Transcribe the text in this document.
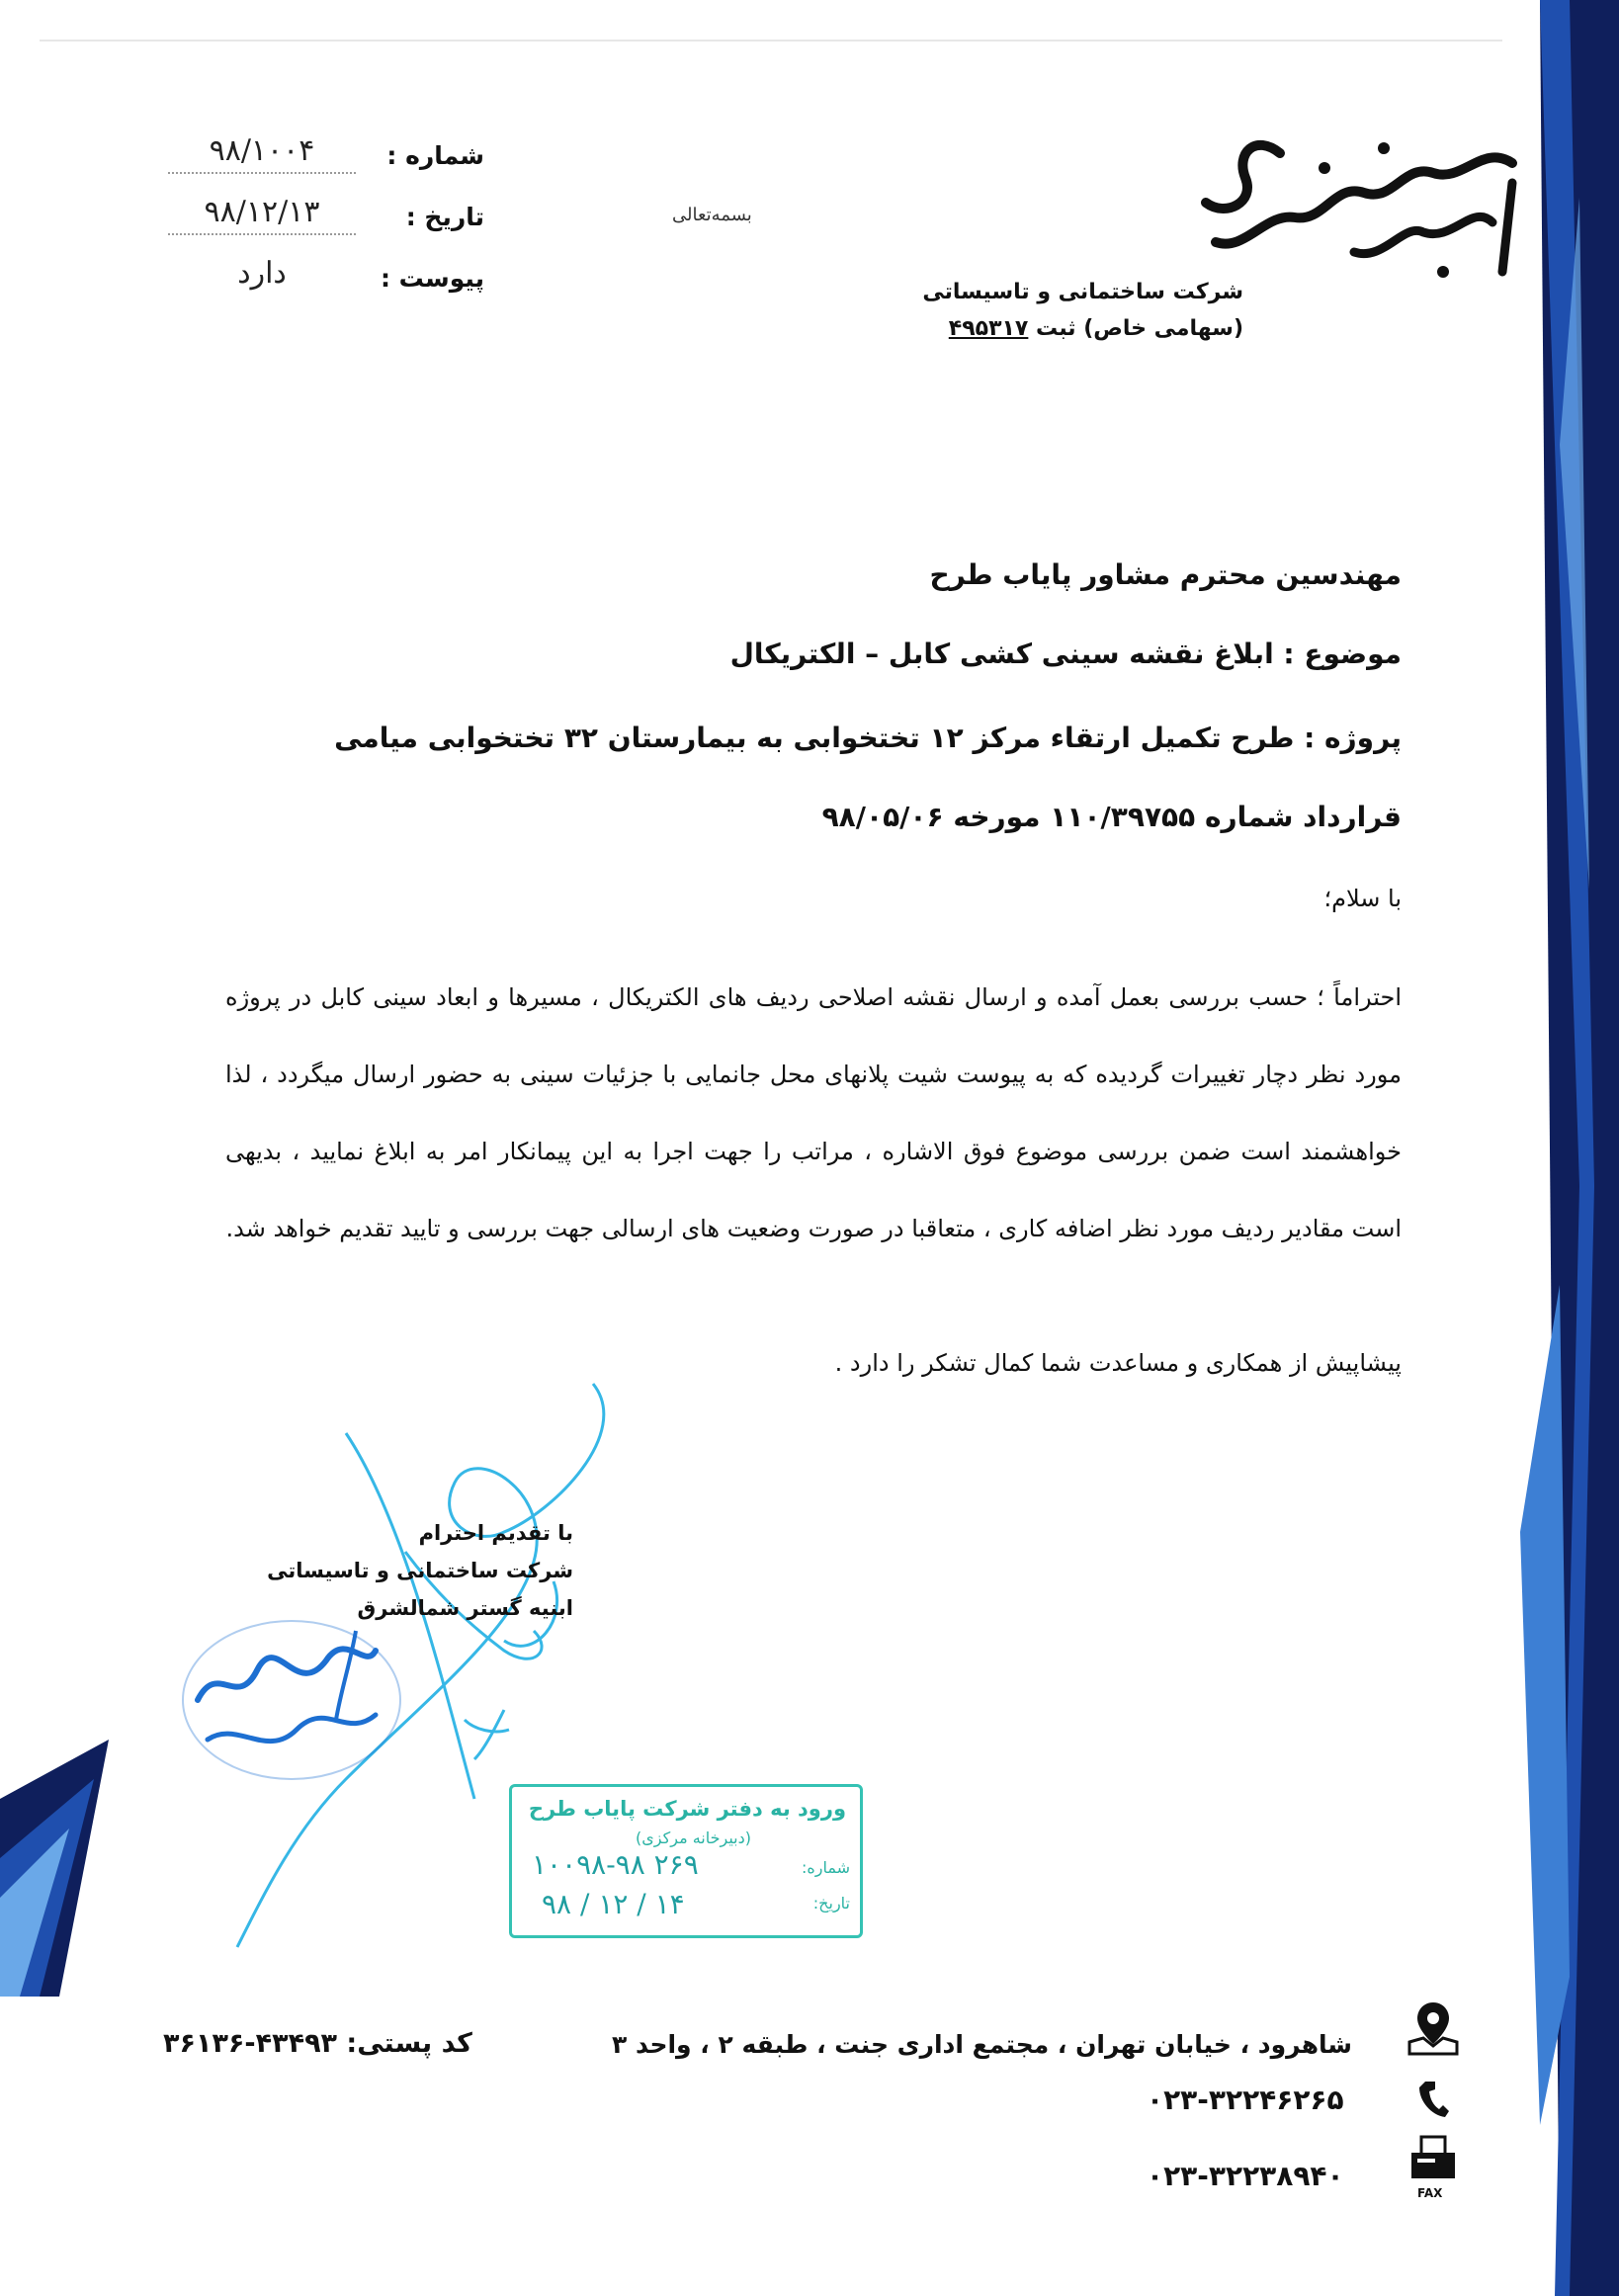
۹۸/۱۰۰۴	شماره :
۹۸/۱۲/۱۳	تاریخ :
دارد	پیوست :
بسمه‌تعالی
شرکت ساختمانی و تاسیساتی
(سهامی خاص) ثبت ۴۹۵۳۱۷
مهندسین محترم مشاور پایاب طرح
موضوع : ابلاغ نقشه سینی کشی کابل – الکتریکال
پروژه : طرح تکمیل ارتقاء مرکز ۱۲ تختخوابی به بیمارستان ۳۲ تختخوابی میامی
قرارداد شماره ۱۱۰/۳۹۷۵۵ مورخه ۹۸/۰۵/۰۶
با سلام؛
احتراماً ؛ حسب بررسی بعمل آمده و ارسال نقشه اصلاحی ردیف های الکتریکال ، مسیرها و ابعاد سینی کابل در پروژه مورد نظر دچار تغییرات گردیده که به پیوست شیت پلانهای محل جانمایی با جزئیات سینی به حضور ارسال میگردد ، لذا خواهشمند است ضمن بررسی موضوع فوق الاشاره ، مراتب را جهت اجرا به این پیمانکار امر به ابلاغ نمایید ، بدیهی است مقادیر ردیف مورد نظر اضافه کاری ، متعاقبا در صورت وضعیت های ارسالی جهت بررسی و تایید تقدیم خواهد شد.
پیشاپیش از همکاری و مساعدت شما کمال تشکر را دارد .
با تقدیم احترام
شرکت ساختمانی و تاسیساتی
ابنیه گستر شمالشرق
ورود به دفتر شرکت پایاب طرح
(دبیرخانه مرکزی)
شماره:
۱۰۰۹۸-۹۸ ۲۶۹
تاریخ:
۹۸ / ۱۲ / ۱۴
شاهرود ، خیابان تهران ، مجتمع اداری جنت ، طبقه ۲ ، واحد ۳
کد پستی: ۴۳۴۹۳-۳۶۱۳۶
۰۲۳-۳۲۲۴۶۲۶۵
۰۲۳-۳۲۲۳۸۹۴۰
FAX
